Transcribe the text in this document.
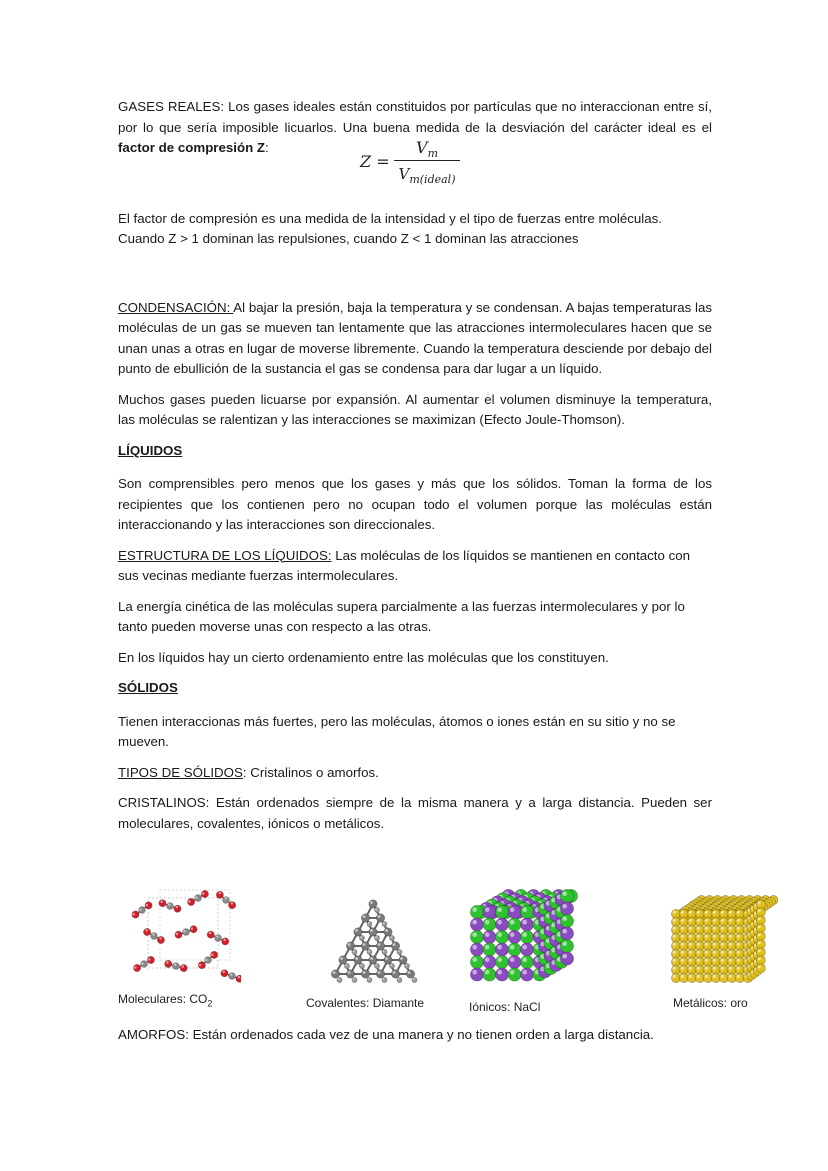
GASES REALES: Los gases ideales están constituidos por partículas que no interaccionan entre sí, por lo que sería imposible licuarlos. Una buena medida de la desviación del carácter ideal es el factor de compresión Z:

Z =
$V_m$
$V_{m(ideal)}$

El factor de compresión es una medida de la intensidad y el tipo de fuerzas entre moléculas. Cuando Z > 1 dominan las repulsiones, cuando Z < 1 dominan las atracciones

CONDENSACIÓN: Al bajar la presión, baja la temperatura y se condensan. A bajas temperaturas las moléculas de un gas se mueven tan lentamente que las atracciones intermoleculares hacen que se unan unas a otras en lugar de moverse libremente. Cuando la temperatura desciende por debajo del punto de ebullición de la sustancia el gas se condensa para dar lugar a un líquido.

Muchos gases pueden licuarse por expansión. Al aumentar el volumen disminuye la temperatura, las moléculas se ralentizan y las interacciones se maximizan (Efecto Joule-Thomson).

LÍQUIDOS

Son comprensibles pero menos que los gases y más que los sólidos. Toman la forma de los recipientes que los contienen pero no ocupan todo el volumen porque las moléculas están interaccionando y las interacciones son direccionales.

ESTRUCTURA DE LOS LÍQUIDOS: Las moléculas de los líquidos se mantienen en contacto con sus vecinas mediante fuerzas intermoleculares.

La energía cinética de las moléculas supera parcialmente a las fuerzas intermoleculares y por lo tanto pueden moverse unas con respecto a las otras.

En los líquidos hay un cierto ordenamiento entre las moléculas que los constituyen.

SÓLIDOS

Tienen interaccionas más fuertes, pero las moléculas, átomos o iones están en su sitio y no se mueven.

TIPOS DE SÓLIDOS: Cristalinos o amorfos.

CRISTALINOS: Están ordenados siempre de la misma manera y a larga distancia. Pueden ser moleculares, covalentes, iónicos o metálicos.

Moleculares: $CO_2$	Covalentes: Diamante	Iónicos: NaCl	Metálicos: oro

AMORFOS: Están ordenados cada vez de una manera y no tienen orden a larga distancia.
